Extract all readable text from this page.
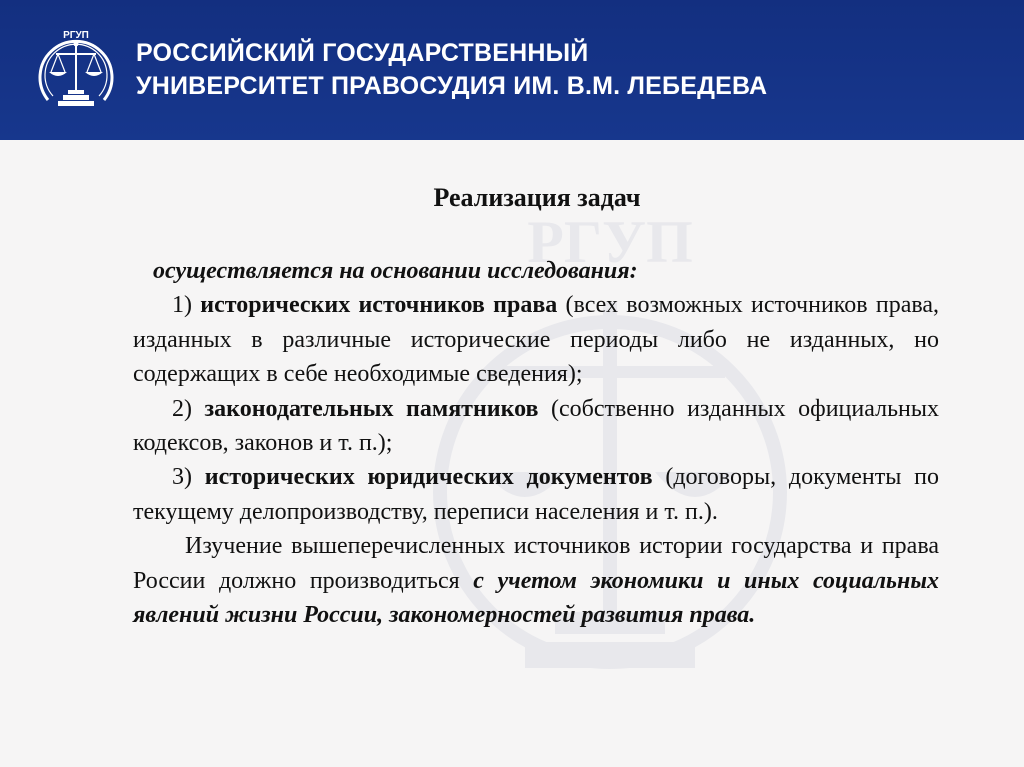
РГУП
РОССИЙСКИЙ ГОСУДАРСТВЕННЫЙ
УНИВЕРСИТЕТ ПРАВОСУДИЯ ИМ. В.М. ЛЕБЕДЕВА
РГУП
Реализация задач

осуществляется на основании исследования:

1) исторических источников права (всех возможных источников права, изданных в различные исторические периоды либо не изданных, но содержащих в себе необходимые сведения);

2) законодательных памятников (собственно изданных официальных кодексов, законов и т. п.);

3) исторических юридических документов (договоры, документы по текущему делопроизводству, переписи населения и т. п.).

Изучение вышеперечисленных источников истории государства и права России должно производиться с учетом экономики и иных социальных явлений жизни России, закономерностей развития права.
